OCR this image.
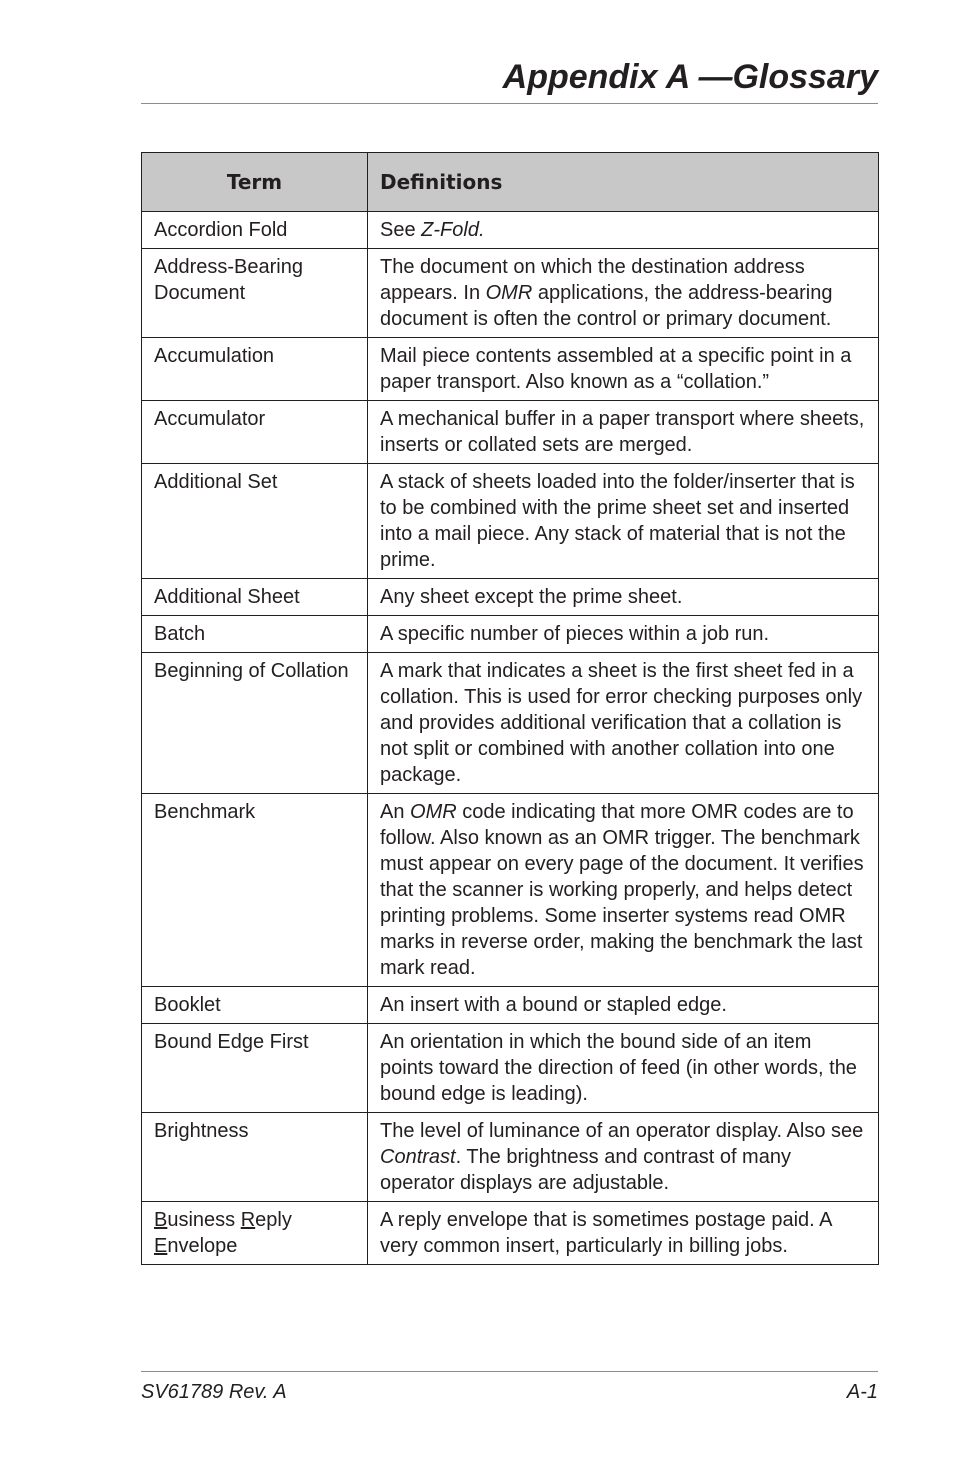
Appendix A —Glossary
Term	Definitions
Accordion Fold	See Z-Fold.
Address-Bearing Document	The document on which the destination address appears. In OMR applications, the address-bearing document is often the control or primary document.
Accumulation	Mail piece contents assembled at a specific point in a paper transport. Also known as a “collation.”
Accumulator	A mechanical buffer in a paper transport where sheets, inserts or collated sets are merged.
Additional Set	A stack of sheets loaded into the folder/inserter that is to be combined with the prime sheet set and inserted into a mail piece. Any stack of material that is not the prime.
Additional Sheet	Any sheet except the prime sheet.
Batch	A specific number of pieces within a job run.
Beginning of Collation	A mark that indicates a sheet is the first sheet fed in a collation. This is used for error checking purposes only and provides additional verification that a collation is not split or combined with another collation into one package.
Benchmark	An OMR code indicating that more OMR codes are to follow. Also known as an OMR trigger. The benchmark must appear on every page of the document. It verifies that the scanner is working properly, and helps detect printing problems. Some inserter systems read OMR marks in reverse order, making the benchmark the last mark read.
Booklet	An insert with a bound or stapled edge.
Bound Edge First	An orientation in which the bound side of an item points toward the direction of feed (in other words, the bound edge is leading).
Brightness	The level of luminance of an operator display. Also see Contrast. The brightness and contrast of many operator displays are adjustable.
Business Reply Envelope	A reply envelope that is sometimes postage paid. A very common insert, particularly in billing jobs.
SV61789 Rev. A	A-1
